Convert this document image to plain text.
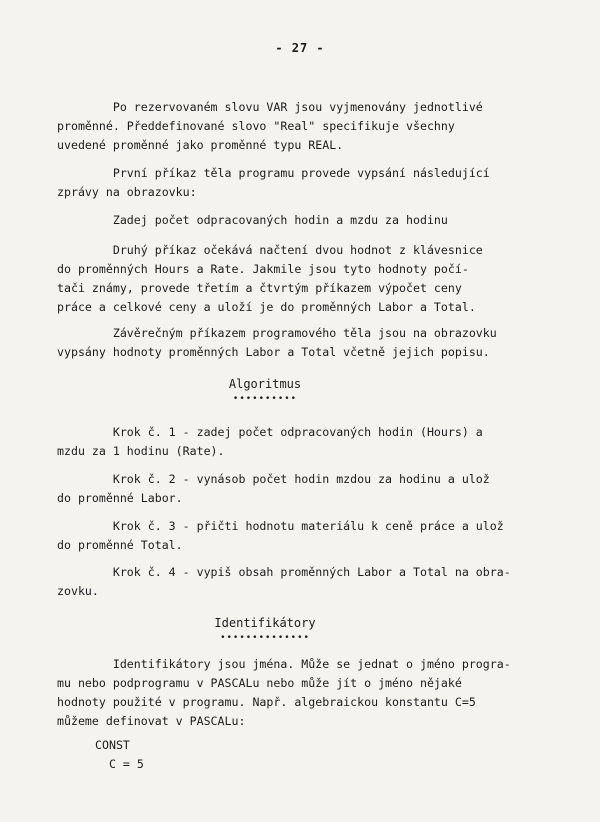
- 27 -
Po rezervovaném slovu VAR jsou vyjmenovány jednotlivé
proměnné. Předdefinované slovo "Real" specifikuje všechny
uvedené proměnné jako proměnné typu REAL.
První příkaz těla programu provede vypsání následující
zprávy na obrazovku:
Zadej počet odpracovaných hodin a mzdu za hodinu
Druhý příkaz očekává načtení dvou hodnot z klávesnice
do proměnných Hours a Rate. Jakmile jsou tyto hodnoty počí-
tači známy, provede třetím a čtvrtým příkazem výpočet ceny
práce a celkové ceny a uloží je do proměnných Labor a Total.
Závěrečným příkazem programového těla jsou na obrazovku
vypsány hodnoty proměnných Labor a Total včetně jejich popisu.
Algoritmus
••••••••••
Krok č. 1 - zadej počet odpracovaných hodin (Hours) a
mzdu za 1 hodinu (Rate).
Krok č. 2 - vynásob počet hodin mzdou za hodinu a ulož
do proměnné Labor.
Krok č. 3 - přičti hodnotu materiálu k ceně práce a ulož
do proměnné Total.
Krok č. 4 - vypiš obsah proměnných Labor a Total na obra-
zovku.
Identifikátory
••••••••••••••
Identifikátory jsou jména. Může se jednat o jméno progra-
mu nebo podprogramu v PASCALu nebo může jít o jméno nějaké
hodnoty použité v programu. Např. algebraickou konstantu C=5
můžeme definovat v PASCALu:
CONST
C = 5
